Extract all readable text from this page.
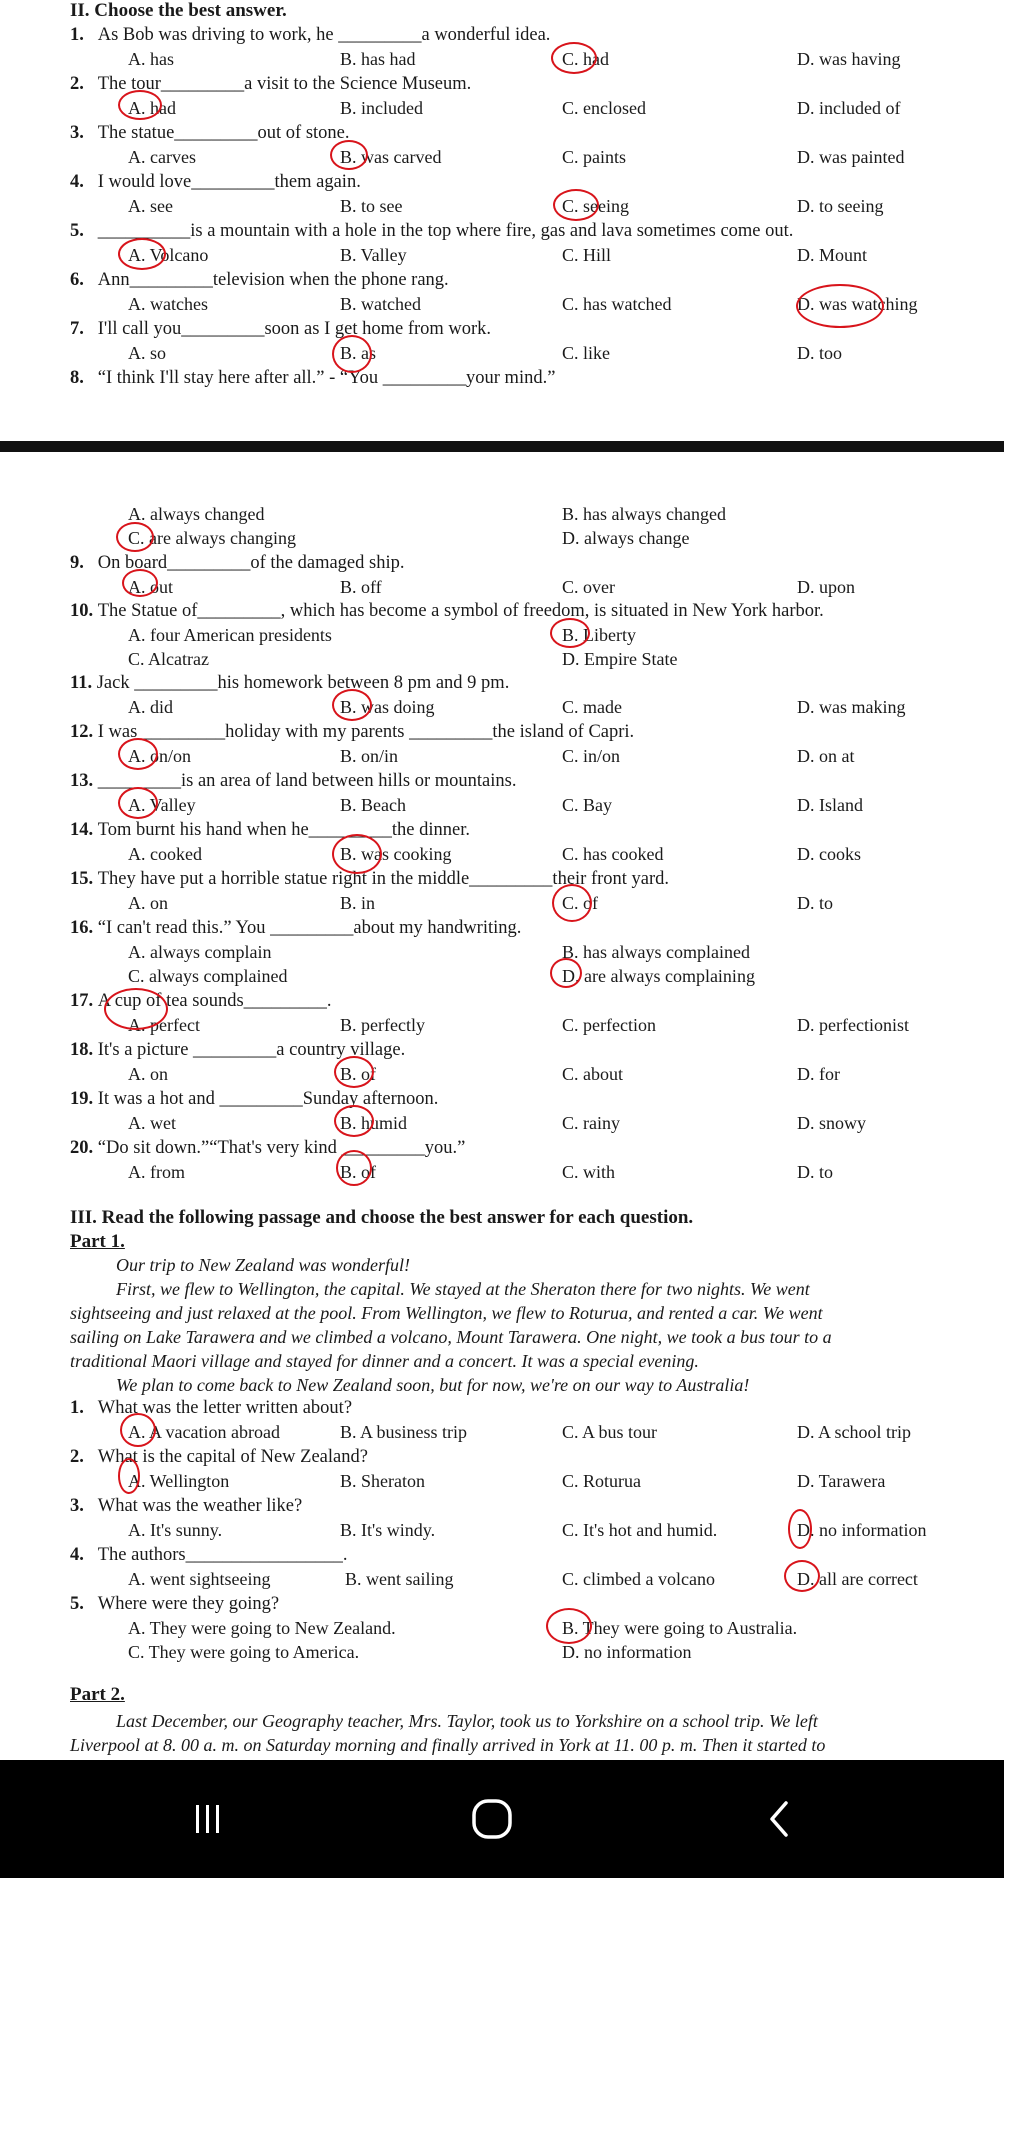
II. Choose the best answer.
1. As Bob was driving to work, he _________a wonderful idea.
A. has	B. has had	C. had	D. was having
2. The tour_________a visit to the Science Museum.
A. had	B. included	C. enclosed	D. included of
3. The statue_________out of stone.
A. carves	B. was carved	C. paints	D. was painted
4. I would love_________them again.
A. see	B. to see	C. seeing	D. to seeing
5. __________is a mountain with a hole in the top where fire, gas and lava sometimes come out.
A. Volcano	B. Valley	C. Hill	D. Mount
6. Ann_________television when the phone rang.
A. watches	B. watched	C. has watched	D. was watching
7. I'll call you_________soon as I get home from work.
A. so	B. as	C. like	D. too
8. “I think I'll stay here after all.” - “You _________your mind.”
A. always changed	B. has always changed
C. are always changing	D. always change
9. On board_________of the damaged ship.
A. out	B. off	C. over	D. upon
10. The Statue of_________, which has become a symbol of freedom, is situated in New York harbor.
A. four American presidents	B. Liberty
C. Alcatraz	D. Empire State
11. Jack _________his homework between 8 pm and 9 pm.
A. did	B. was doing	C. made	D. was making
12. I was _________holiday with my parents _________the island of Capri.
A. on/on	B. on/in	C. in/on	D. on at
13. _________is an area of land between hills or mountains.
A. Valley	B. Beach	C. Bay	D. Island
14. Tom burnt his hand when he_________the dinner.
A. cooked	B. was cooking	C. has cooked	D. cooks
15. They have put a horrible statue right in the middle_________their front yard.
A. on	B. in	C. of	D. to
16. “I can't read this.” You _________about my handwriting.
A. always complain	B. has always complained
C. always complained	D. are always complaining
17. A cup of tea sounds_________.
A. perfect	B. perfectly	C. perfection	D. perfectionist
18. It's a picture _________a country village.
A. on	B. of	C. about	D. for
19. It was a hot and _________Sunday afternoon.
A. wet	B. humid	C. rainy	D. snowy
20. “Do sit down.”“That's very kind _________you.”
A. from	B. of	C. with	D. to
III. Read the following passage and choose the best answer for each question.
Part 1.
Our trip to New Zealand was wonderful!
First, we flew to Wellington, the capital. We stayed at the Sheraton there for two nights. We went
sightseeing and just relaxed at the pool. From Wellington, we flew to Roturua, and rented a car. We went
sailing on Lake Tarawera and we climbed a volcano, Mount Tarawera. One night, we took a bus tour to a
traditional Maori village and stayed for dinner and a concert. It was a special evening.
We plan to come back to New Zealand soon, but for now, we're on our way to Australia!
1. What was the letter written about?
A. A vacation abroad	B. A business trip	C. A bus tour	D. A school trip
2. What is the capital of New Zealand?
A. Wellington	B. Sheraton	C. Roturua	D. Tarawera
3. What was the weather like?
A. It's sunny.	B. It's windy.	C. It's hot and humid.	D. no information
4. The authors_________________.
A. went sightseeing	B. went sailing	C. climbed a volcano	D. all are correct
5. Where were they going?
A. They were going to New Zealand.	B. They were going to Australia.
C. They were going to America.	D. no information
Part 2.
Last December, our Geography teacher, Mrs. Taylor, took us to Yorkshire on a school trip. We left
Liverpool at 8. 00 a. m. on Saturday morning and finally arrived in York at 11. 00 p. m. Then it started to
